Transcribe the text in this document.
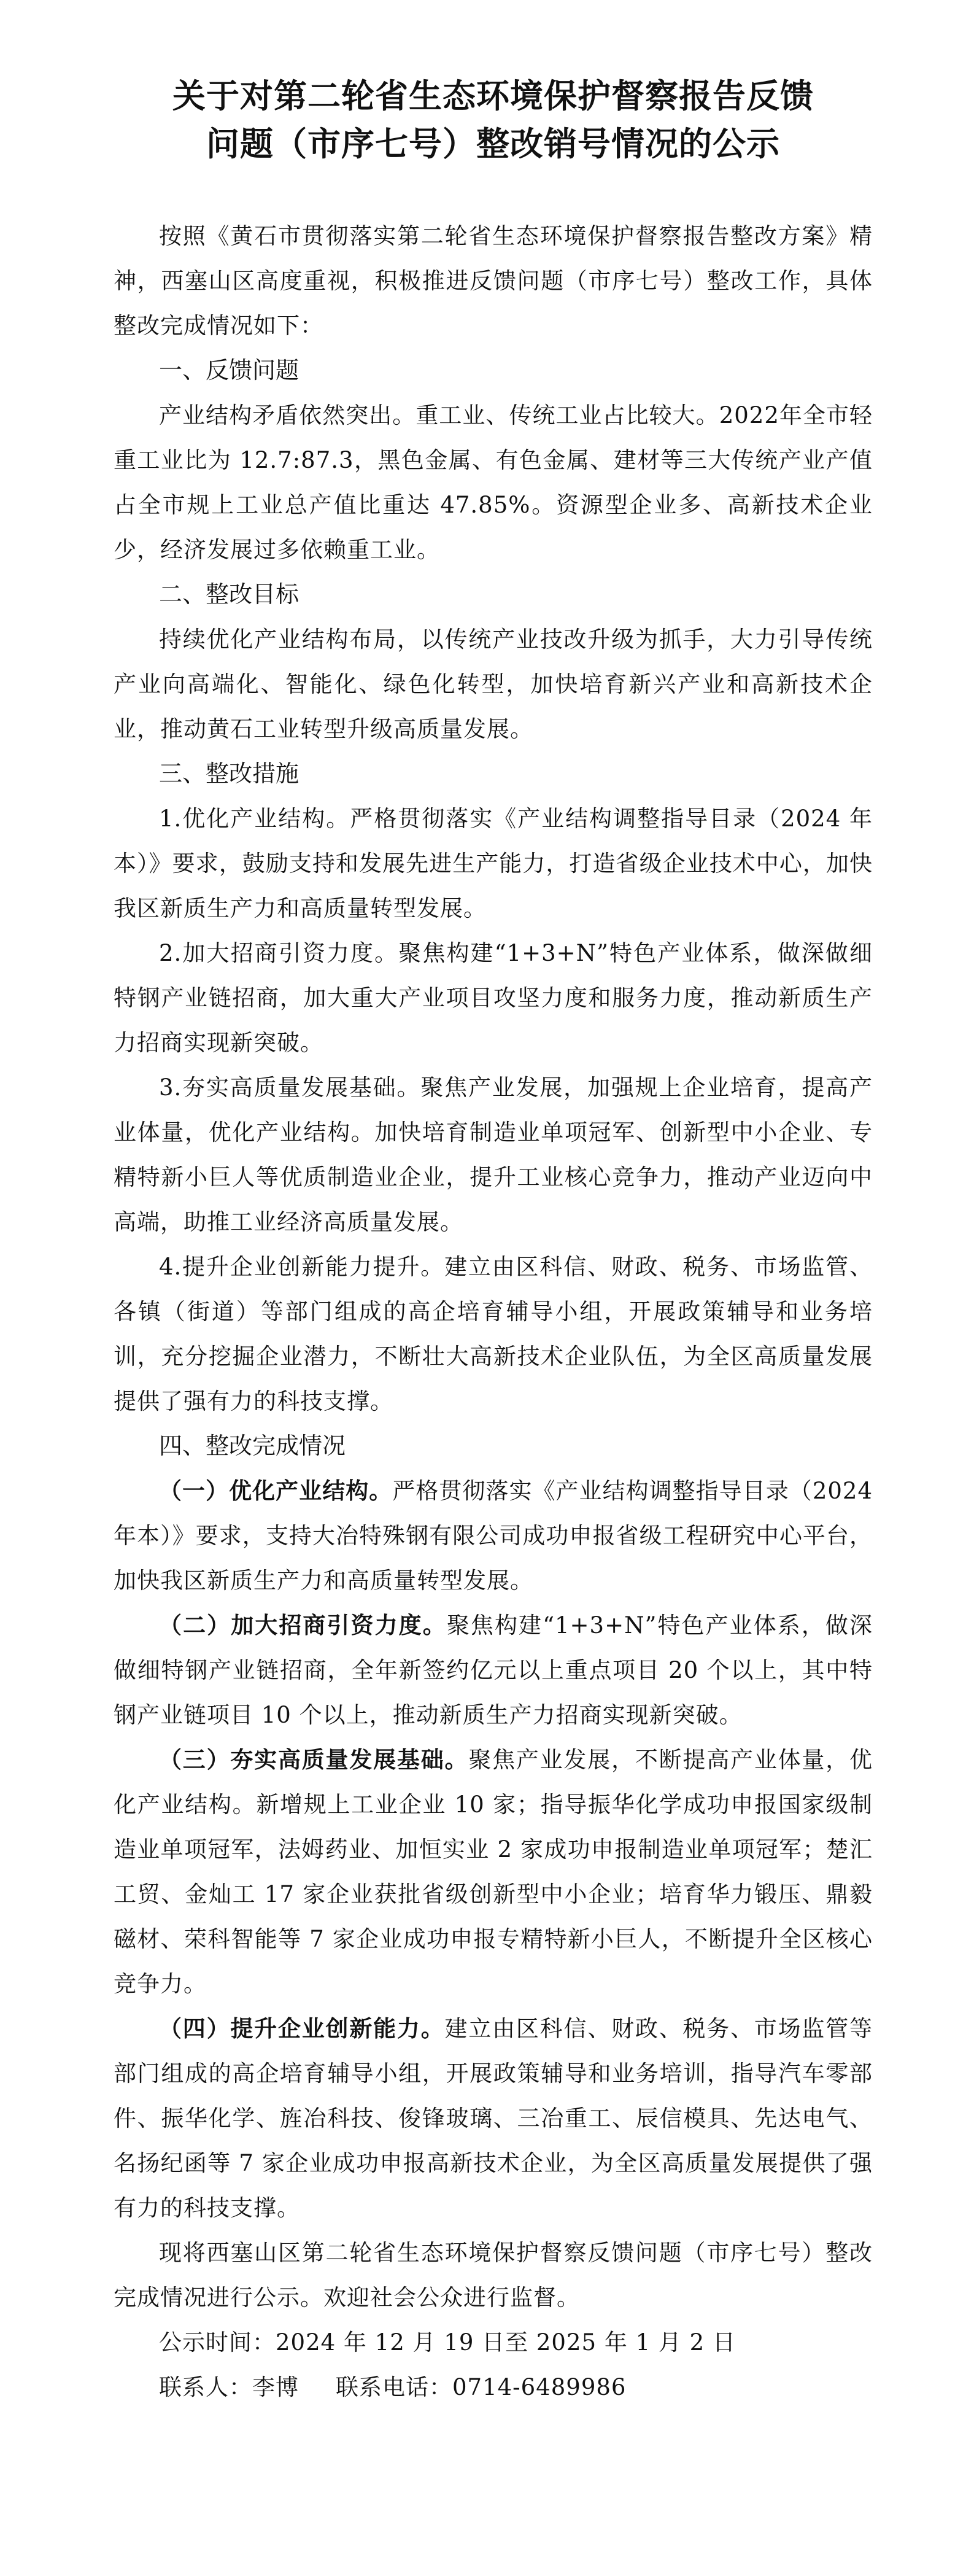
关于对第二轮省生态环境保护督察报告反馈
问题（市序七号）整改销号情况的公示

按照《黄石市贯彻落实第二轮省生态环境保护督察报告整改方案》精神，西塞山区高度重视，积极推进反馈问题（市序七号）整改工作，具体整改完成情况如下：

一、反馈问题

产业结构矛盾依然突出。重工业、传统工业占比较大。2022年全市轻重工业比为 12.7:87.3，黑色金属、有色金属、建材等三大传统产业产值占全市规上工业总产值比重达 47.85%。资源型企业多、高新技术企业少，经济发展过多依赖重工业。

二、整改目标

持续优化产业结构布局，以传统产业技改升级为抓手，大力引导传统产业向高端化、智能化、绿色化转型，加快培育新兴产业和高新技术企业，推动黄石工业转型升级高质量发展。

三、整改措施

1.优化产业结构。严格贯彻落实《产业结构调整指导目录（2024 年本）》要求，鼓励支持和发展先进生产能力，打造省级企业技术中心，加快我区新质生产力和高质量转型发展。

2.加大招商引资力度。聚焦构建“1+3+N”特色产业体系，做深做细特钢产业链招商，加大重大产业项目攻坚力度和服务力度，推动新质生产力招商实现新突破。

3.夯实高质量发展基础。聚焦产业发展，加强规上企业培育，提高产业体量，优化产业结构。加快培育制造业单项冠军、创新型中小企业、专精特新小巨人等优质制造业企业，提升工业核心竞争力，推动产业迈向中高端，助推工业经济高质量发展。

4.提升企业创新能力提升。建立由区科信、财政、税务、市场监管、各镇（街道）等部门组成的高企培育辅导小组，开展政策辅导和业务培训，充分挖掘企业潜力，不断壮大高新技术企业队伍，为全区高质量发展提供了强有力的科技支撑。

四、整改完成情况

（一）优化产业结构。严格贯彻落实《产业结构调整指导目录（2024 年本）》要求，支持大冶特殊钢有限公司成功申报省级工程研究中心平台，加快我区新质生产力和高质量转型发展。

（二）加大招商引资力度。聚焦构建“1+3+N”特色产业体系，做深做细特钢产业链招商，全年新签约亿元以上重点项目 20 个以上，其中特钢产业链项目 10 个以上，推动新质生产力招商实现新突破。

（三）夯实高质量发展基础。聚焦产业发展，不断提高产业体量，优化产业结构。新增规上工业企业 10 家；指导振华化学成功申报国家级制造业单项冠军，法姆药业、加恒实业 2 家成功申报制造业单项冠军；楚汇工贸、金灿工 17 家企业获批省级创新型中小企业；培育华力锻压、鼎毅磁材、荣科智能等 7 家企业成功申报专精特新小巨人，不断提升全区核心竞争力。

（四）提升企业创新能力。建立由区科信、财政、税务、市场监管等部门组成的高企培育辅导小组，开展政策辅导和业务培训，指导汽车零部件、振华化学、旌冶科技、俊锋玻璃、三冶重工、辰信模具、先达电气、名扬纪函等 7 家企业成功申报高新技术企业，为全区高质量发展提供了强有力的科技支撑。

现将西塞山区第二轮省生态环境保护督察反馈问题（市序七号）整改完成情况进行公示。欢迎社会公众进行监督。

公示时间：2024 年 12 月 19 日至 2025 年 1 月 2 日

联系人：李博 联系电话：0714-6489986
